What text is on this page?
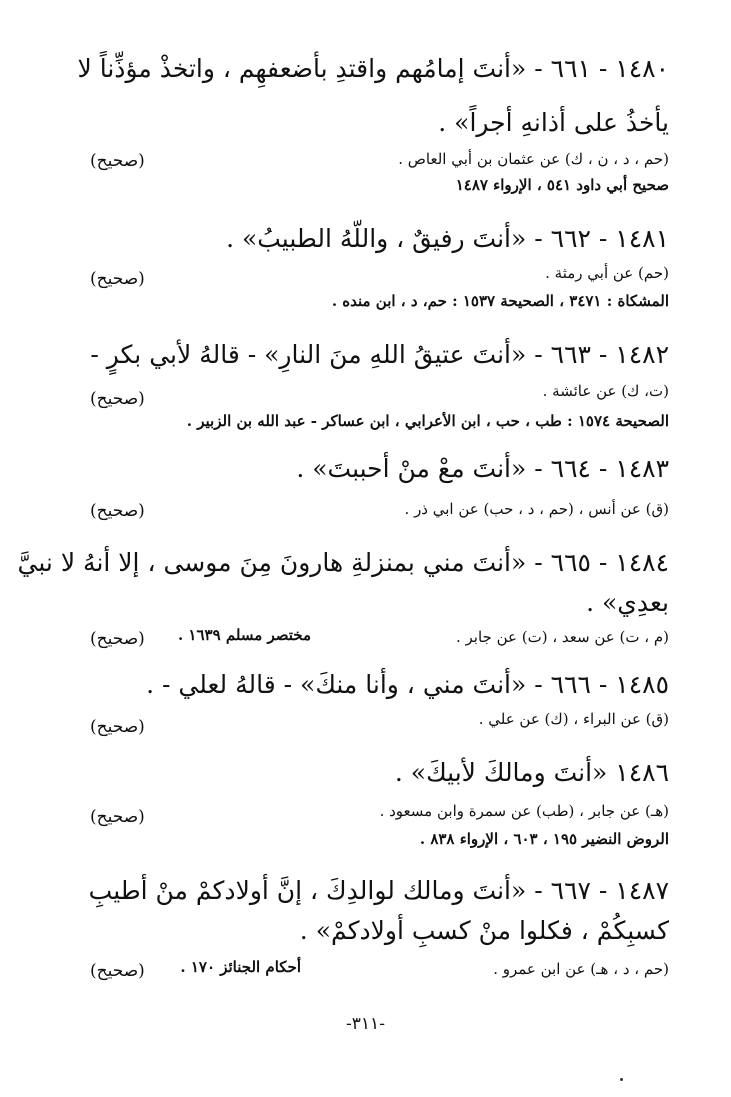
١٤٨٠ - ٦٦١ - «أنتَ إمامُهم واقتدِ بأضعفهِم ، واتخذْ مؤذِّناً لا
يأخذُ على أذانهِ أجراً» .
(صحيح)	(حم ، د ، ن ، ك) عن عثمان بن أبي العاص .
صحيح أبي داود ٥٤١ ، الإرواء ١٤٨٧
١٤٨١ - ٦٦٢ - «أنتَ رفيقٌ ، واللّهُ الطبيبُ» .
(صحيح)	(حم) عن أبي رمثة .
المشكاة : ٣٤٧١ ، الصحيحة ١٥٣٧ : حم، د ، ابن منده .
١٤٨٢ - ٦٦٣ - «أنتَ عتيقُ اللهِ منَ النارِ» - قالهُ لأبي بكرٍ -
(صحيح)	(ت، ك) عن عائشة .
الصحيحة ١٥٧٤ : طب ، حب ، ابن الأعرابي ، ابن عساكر - عبد الله بن الزبير .
١٤٨٣ - ٦٦٤ - «أنتَ معْ منْ أحببتَ» .
(صحيح)	(ق) عن أنس ، (حم ، د ، حب) عن ابي ذر .
١٤٨٤ - ٦٦٥ - «أنتَ مني بمنزلةِ هارونَ مِنَ موسى ، إلا أنهُ لا نبيَّ
بعدِي» .
(صحيح)	(م ، ت) عن سعد ، (ت) عن جابر .
مختصر مسلم ١٦٣٩ .
١٤٨٥ - ٦٦٦ - «أنتَ مني ، وأنا منكَ» - قالهُ لعلي - .
(صحيح)	(ق) عن البراء ، (ك) عن علي .
١٤٨٦ «أنتَ ومالكَ لأبيكَ» .
(صحيح)	(هـ) عن جابر ، (طب) عن سمرة وابن مسعود .
الروض النضير ١٩٥ ، ٦٠٣ ، الإرواء ٨٣٨ .
١٤٨٧ - ٦٦٧ - «أنتَ ومالك لوالدِكَ ، إنَّ أولادكمْ منْ أطيبِ
كسبِكُمْ ، فكلوا منْ كسبِ أولادكمْ» .
(صحيح)	(حم ، د ، هـ) عن ابن عمرو .
أحكام الجنائز ١٧٠ .
-٣١١-
